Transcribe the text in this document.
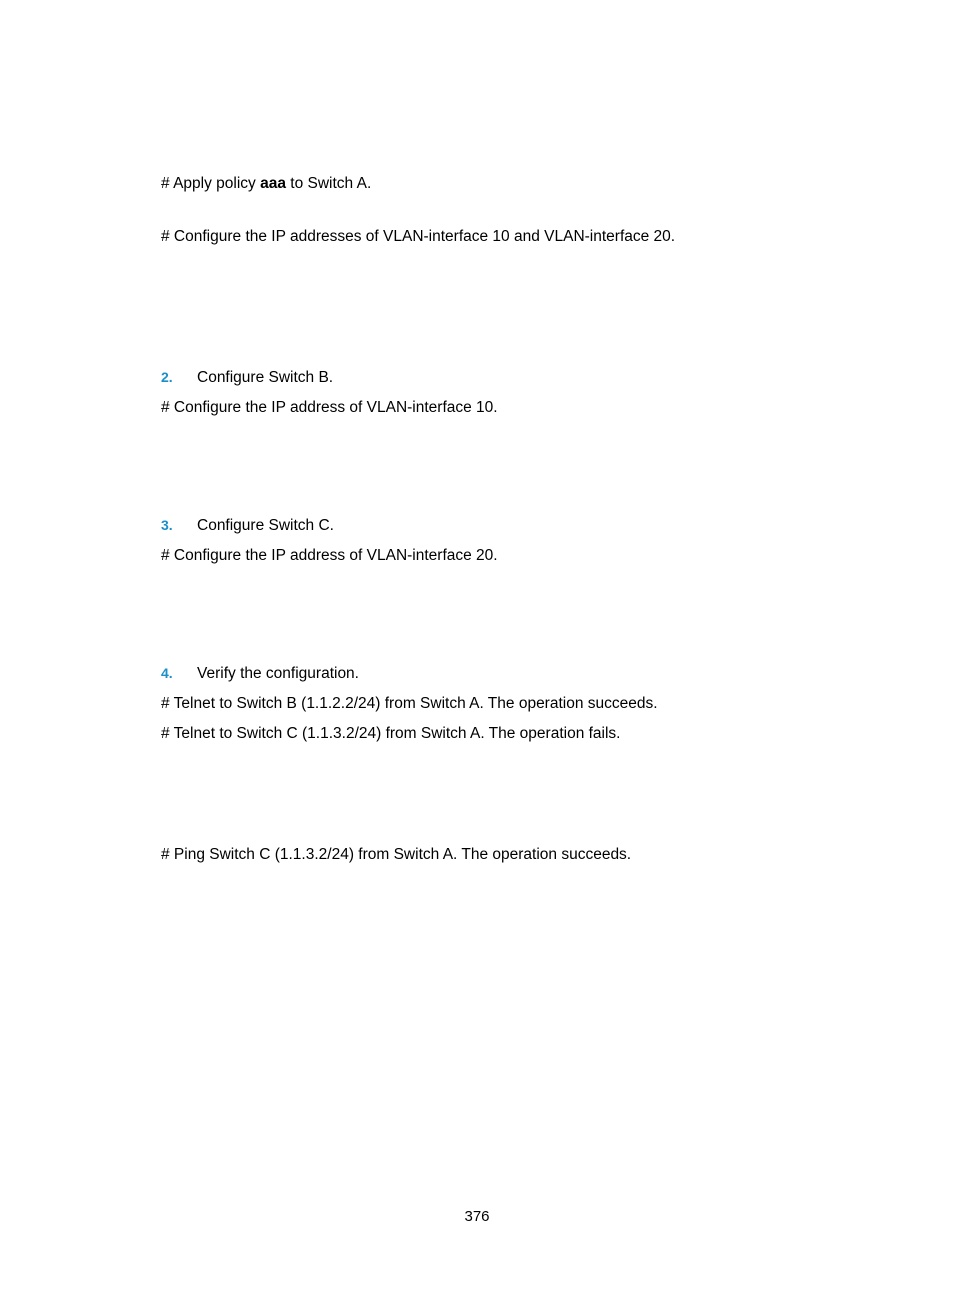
# Apply policy aaa to Switch A.
# Configure the IP addresses of VLAN-interface 10 and VLAN-interface 20.
2. Configure Switch B.
# Configure the IP address of VLAN-interface 10.
3. Configure Switch C.
# Configure the IP address of VLAN-interface 20.
4. Verify the configuration.
# Telnet to Switch B (1.1.2.2/24) from Switch A. The operation succeeds.
# Telnet to Switch C (1.1.3.2/24) from Switch A. The operation fails.
# Ping Switch C (1.1.3.2/24) from Switch A. The operation succeeds.
376
